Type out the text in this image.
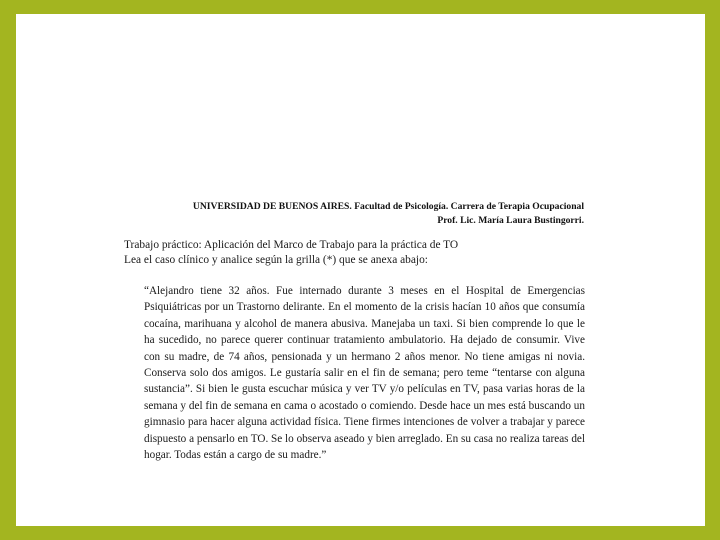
UNIVERSIDAD DE BUENOS AIRES. Facultad de Psicología. Carrera de Terapia Ocupacional
Prof. Lic. María Laura Bustingorri.
Trabajo práctico: Aplicación del Marco de Trabajo para la práctica de TO
Lea el caso clínico y analice según la grilla (*) que se anexa abajo:
“Alejandro tiene 32 años. Fue internado durante 3 meses en el Hospital de Emergencias Psiquiátricas por un Trastorno delirante. En el momento de la crisis hacían 10 años que consumía cocaína, marihuana y alcohol de manera abusiva. Manejaba un taxi. Si bien comprende lo que le ha sucedido, no parece querer continuar tratamiento ambulatorio. Ha dejado de consumir. Vive con su madre, de 74 años, pensionada y un hermano 2 años menor. No tiene amigas ni novia. Conserva solo dos amigos. Le gustaría salir en el fin de semana; pero teme “tentarse con alguna sustancia”. Si bien le gusta escuchar música y ver TV y/o películas en TV, pasa varias horas de la semana y del fin de semana en cama o acostado o comiendo. Desde hace un mes está buscando un gimnasio para hacer alguna actividad física. Tiene firmes intenciones de volver a trabajar y parece dispuesto a pensarlo en TO. Se lo observa aseado y bien arreglado. En su casa no realiza tareas del hogar. Todas están a cargo de su madre.”
